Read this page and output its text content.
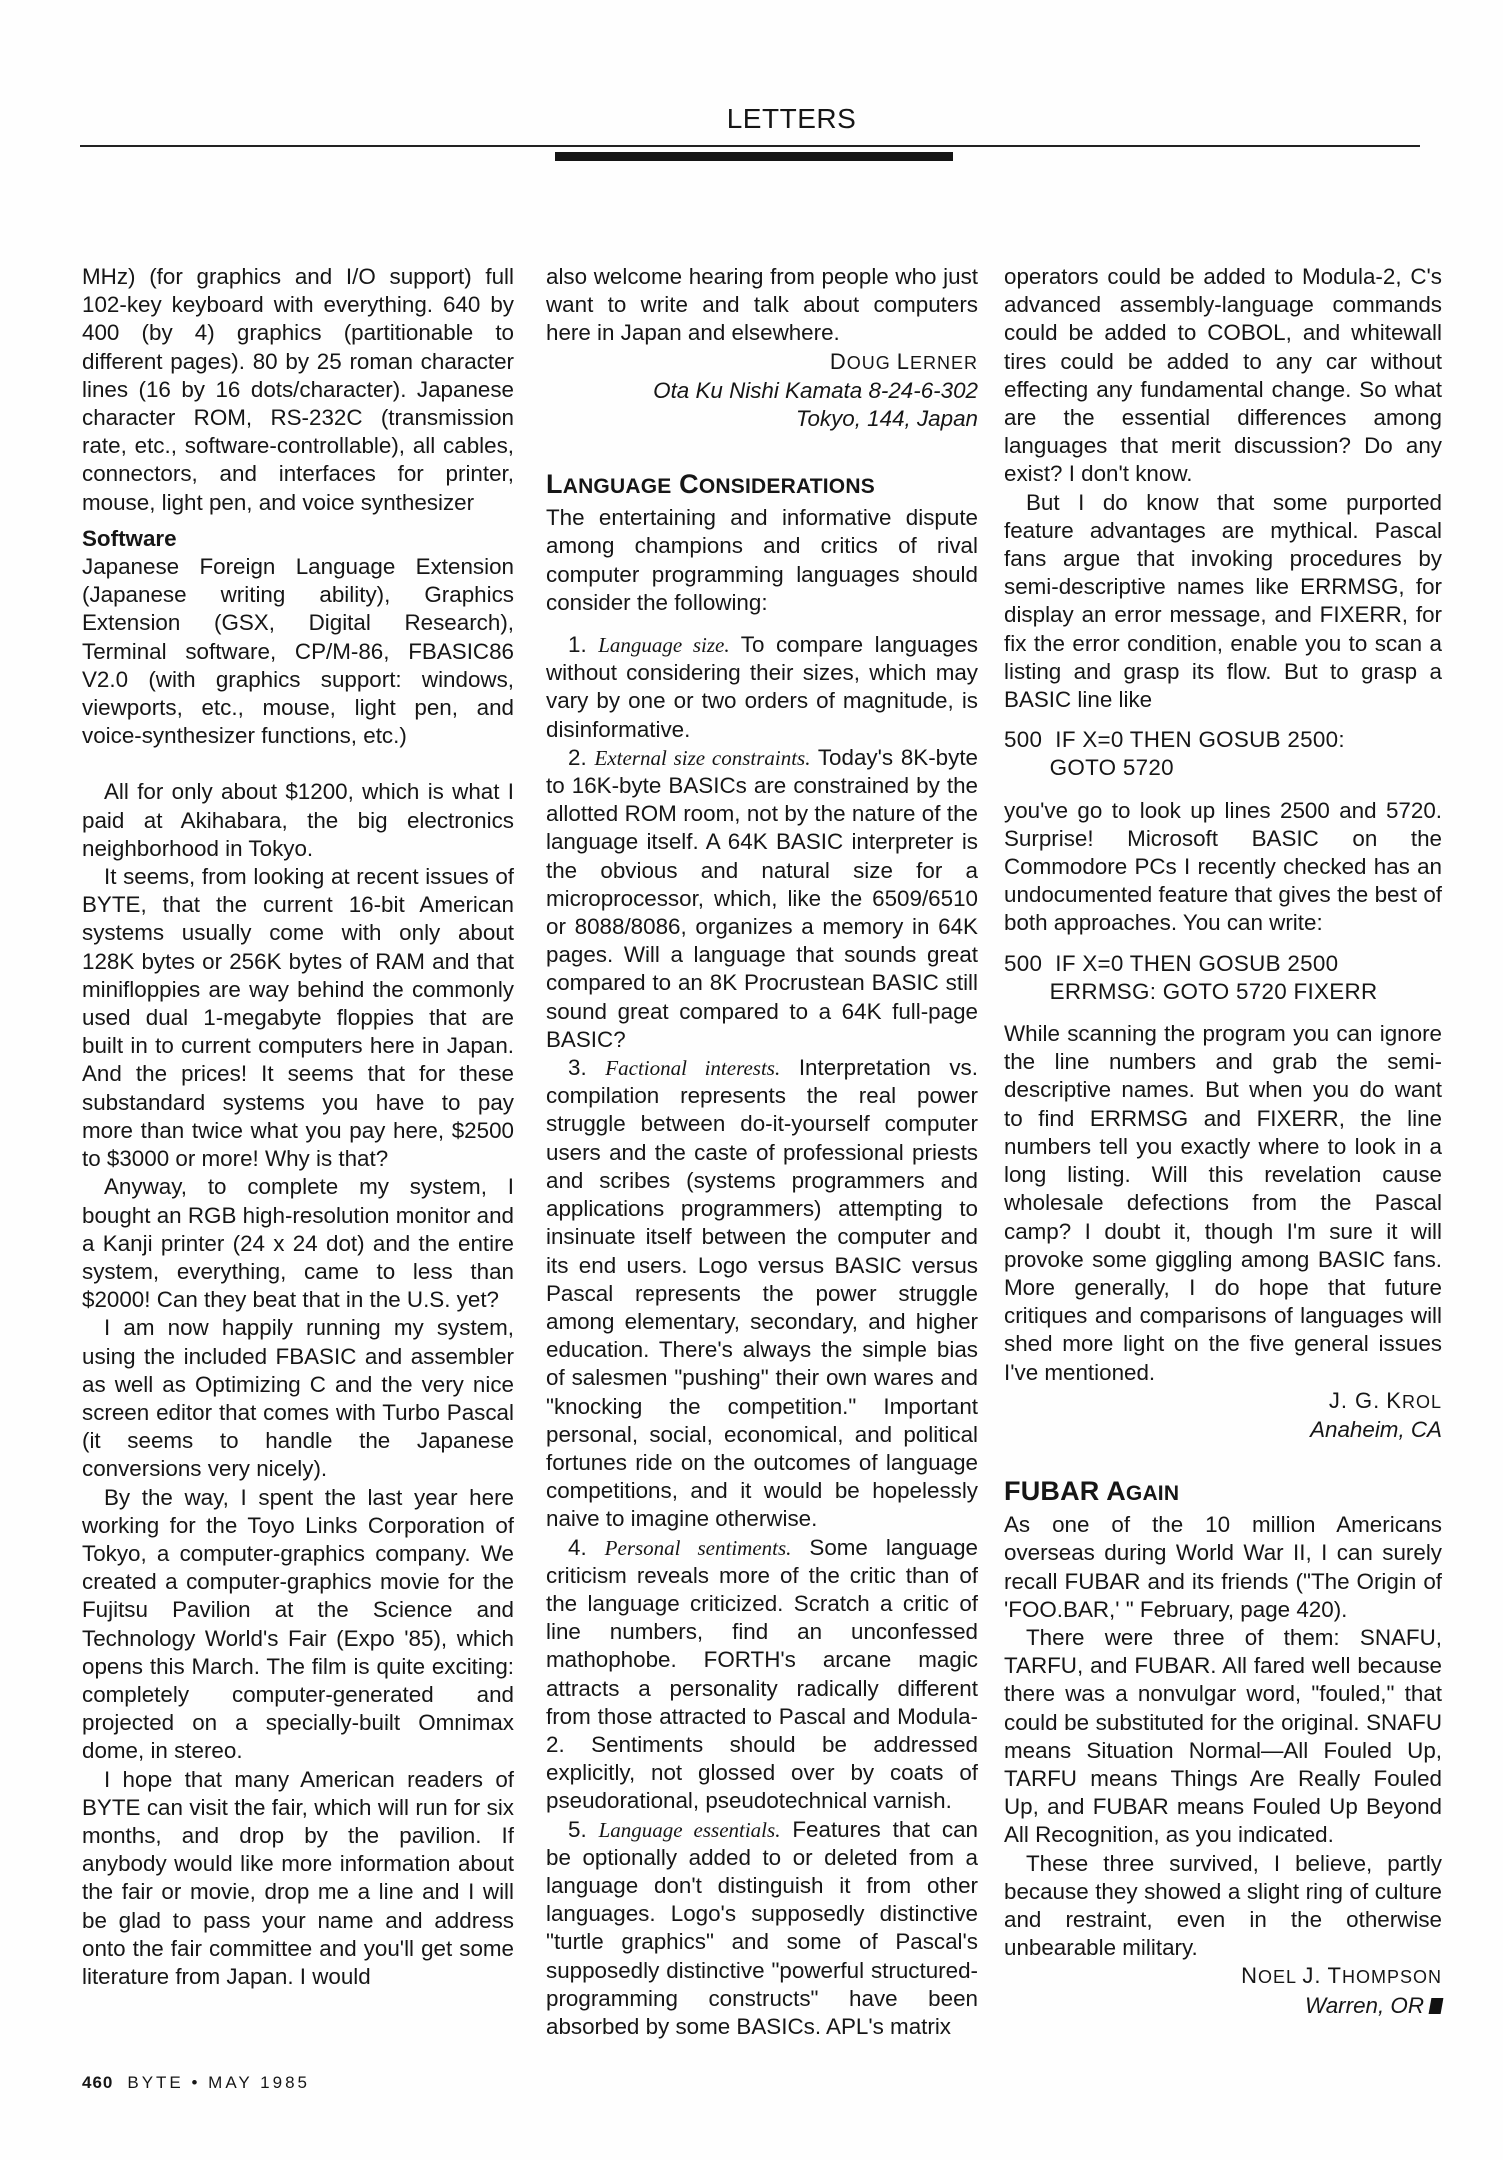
LETTERS

MHz) (for graphics and I/O support) full 102-key keyboard with everything. 640 by 400 (by 4) graphics (partitionable to different pages). 80 by 25 roman character lines (16 by 16 dots/character). Japanese character ROM, RS-232C (transmission rate, etc., software-controllable), all cables, connectors, and interfaces for printer, mouse, light pen, and voice synthesizer

Software

Japanese Foreign Language Extension (Japanese writing ability), Graphics Extension (GSX, Digital Research), Terminal software, CP/M-86, FBASIC86 V2.0 (with graphics support: windows, viewports, etc., mouse, light pen, and voice-synthesizer functions, etc.)

All for only about $1200, which is what I paid at Akihabara, the big electronics neighborhood in Tokyo.

It seems, from looking at recent issues of BYTE, that the current 16-bit American systems usually come with only about 128K bytes or 256K bytes of RAM and that minifloppies are way behind the commonly used dual 1-megabyte floppies that are built in to current computers here in Japan. And the prices! It seems that for these substandard systems you have to pay more than twice what you pay here, $2500 to $3000 or more! Why is that?

Anyway, to complete my system, I bought an RGB high-resolution monitor and a Kanji printer (24 x 24 dot) and the entire system, everything, came to less than $2000! Can they beat that in the U.S. yet?

I am now happily running my system, using the included FBASIC and assembler as well as Optimizing C and the very nice screen editor that comes with Turbo Pascal (it seems to handle the Japanese conversions very nicely).

By the way, I spent the last year here working for the Toyo Links Corporation of Tokyo, a computer-graphics company. We created a computer-graphics movie for the Fujitsu Pavilion at the Science and Technology World's Fair (Expo '85), which opens this March. The film is quite exciting: completely computer-generated and projected on a specially-built Omnimax dome, in stereo.

I hope that many American readers of BYTE can visit the fair, which will run for six months, and drop by the pavilion. If anybody would like more information about the fair or movie, drop me a line and I will be glad to pass your name and address onto the fair committee and you'll get some literature from Japan. I would

also welcome hearing from people who just want to write and talk about computers here in Japan and elsewhere.

DOUG LERNER
Ota Ku Nishi Kamata 8-24-6-302
Tokyo, 144, Japan

LANGUAGE CONSIDERATIONS

The entertaining and informative dispute among champions and critics of rival computer programming languages should consider the following:

1. Language size. To compare languages without considering their sizes, which may vary by one or two orders of magnitude, is disinformative.

2. External size constraints. Today's 8K-byte to 16K-byte BASICs are constrained by the allotted ROM room, not by the nature of the language itself. A 64K BASIC interpreter is the obvious and natural size for a microprocessor, which, like the 6509/6510 or 8088/8086, organizes a memory in 64K pages. Will a language that sounds great compared to an 8K Procrustean BASIC still sound great compared to a 64K full-page BASIC?

3. Factional interests. Interpretation vs. compilation represents the real power struggle between do-it-yourself computer users and the caste of professional priests and scribes (systems programmers and applications programmers) attempting to insinuate itself between the computer and its end users. Logo versus BASIC versus Pascal represents the power struggle among elementary, secondary, and higher education. There's always the simple bias of salesmen "pushing" their own wares and "knocking the competition." Important personal, social, economical, and political fortunes ride on the outcomes of language competitions, and it would be hopelessly naive to imagine otherwise.

4. Personal sentiments. Some language criticism reveals more of the critic than of the language criticized. Scratch a critic of line numbers, find an unconfessed mathophobe. FORTH's arcane magic attracts a personality radically different from those attracted to Pascal and Modula-2. Sentiments should be addressed explicitly, not glossed over by coats of pseudorational, pseudotechnical varnish.

5. Language essentials. Features that can be optionally added to or deleted from a language don't distinguish it from other languages. Logo's supposedly distinctive "turtle graphics" and some of Pascal's supposedly distinctive "powerful structured-programming constructs" have been absorbed by some BASICs. APL's matrix

operators could be added to Modula-2, C's advanced assembly-language commands could be added to COBOL, and whitewall tires could be added to any car without effecting any fundamental change. So what are the essential differences among languages that merit discussion? Do any exist? I don't know.

But I do know that some purported feature advantages are mythical. Pascal fans argue that invoking procedures by semi-descriptive names like ERRMSG, for display an error message, and FIXERR, for fix the error condition, enable you to scan a listing and grasp its flow. But to grasp a BASIC line like

500  IF X=0 THEN GOSUB 2500:

GOTO 5720

you've go to look up lines 2500 and 5720. Surprise! Microsoft BASIC on the Commodore PCs I recently checked has an undocumented feature that gives the best of both approaches. You can write:

500  IF X=0 THEN GOSUB 2500

ERRMSG: GOTO 5720 FIXERR

While scanning the program you can ignore the line numbers and grab the semi-descriptive names. But when you do want to find ERRMSG and FIXERR, the line numbers tell you exactly where to look in a long listing. Will this revelation cause wholesale defections from the Pascal camp? I doubt it, though I'm sure it will provoke some giggling among BASIC fans. More generally, I do hope that future critiques and comparisons of languages will shed more light on the five general issues I've mentioned.

J. G. KROL
Anaheim, CA

FUBAR AGAIN

As one of the 10 million Americans overseas during World War II, I can surely recall FUBAR and its friends ("The Origin of 'FOO.BAR,' " February, page 420).

There were three of them: SNAFU, TARFU, and FUBAR. All fared well because there was a nonvulgar word, "fouled," that could be substituted for the original. SNAFU means Situation Normal—All Fouled Up, TARFU means Things Are Really Fouled Up, and FUBAR means Fouled Up Beyond All Recognition, as you indicated.

These three survived, I believe, partly because they showed a slight ring of culture and restraint, even in the otherwise unbearable military.

NOEL J. THOMPSON
Warren, OR
460 BYTE • MAY 1985
